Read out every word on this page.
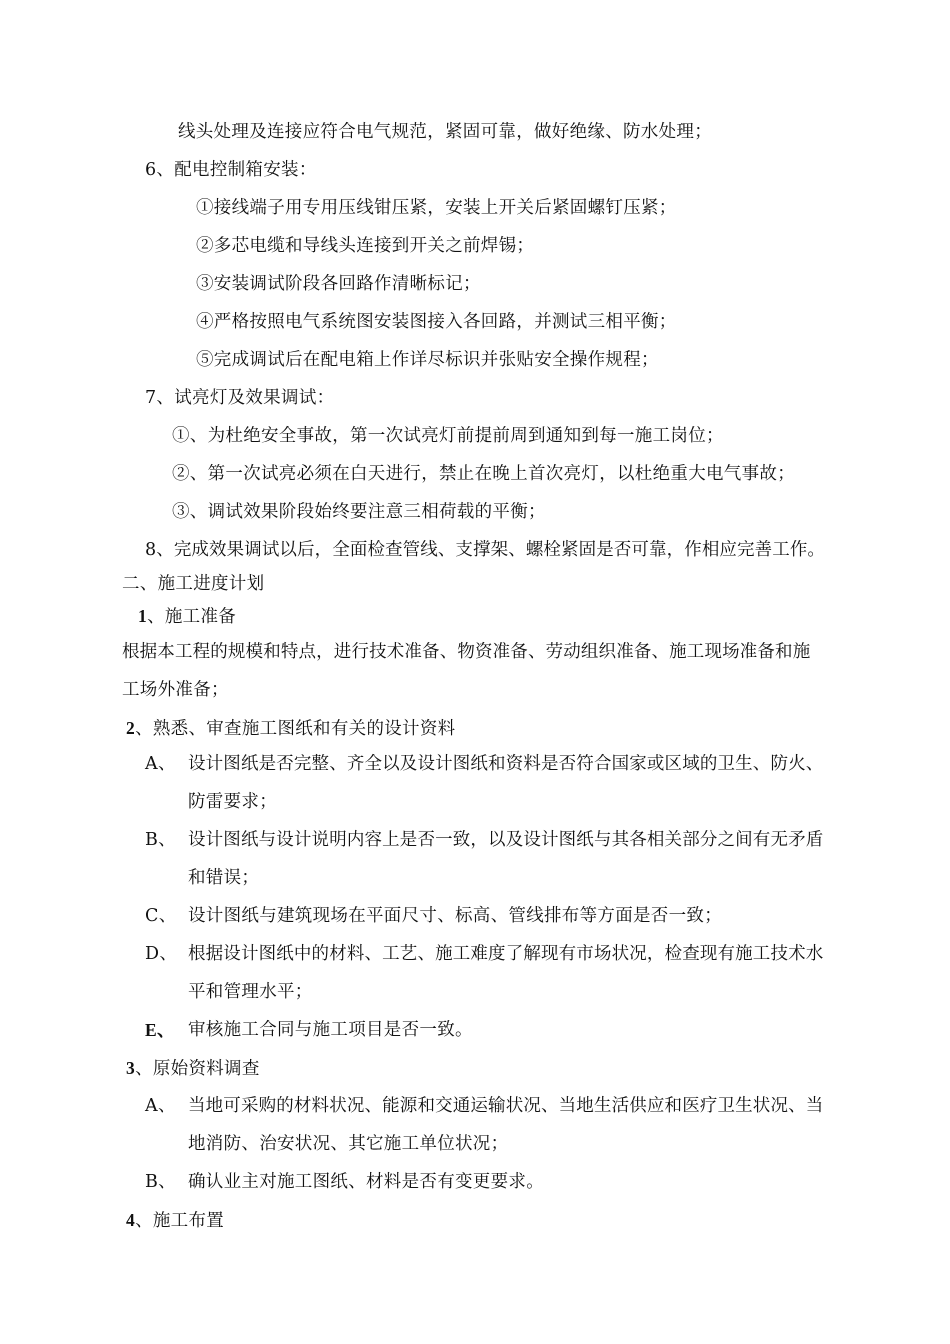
线头处理及连接应符合电气规范，紧固可靠，做好绝缘、防水处理；
6、配电控制箱安装：
①接线端子用专用压线钳压紧，安装上开关后紧固螺钉压紧；
②多芯电缆和导线头连接到开关之前焊锡；
③安装调试阶段各回路作清晰标记；
④严格按照电气系统图安装图接入各回路，并测试三相平衡；
⑤完成调试后在配电箱上作详尽标识并张贴安全操作规程；
7、试亮灯及效果调试：
①、为杜绝安全事故，第一次试亮灯前提前周到通知到每一施工岗位；
②、第一次试亮必须在白天进行，禁止在晚上首次亮灯，以杜绝重大电气事故；
③、调试效果阶段始终要注意三相荷载的平衡；
8、完成效果调试以后，全面检查管线、支撑架、螺栓紧固是否可靠，作相应完善工作。
二、施工进度计划
1、施工准备
根据本工程的规模和特点，进行技术准备、物资准备、劳动组织准备、施工现场准备和施
工场外准备；
2、熟悉、审查施工图纸和有关的设计资料
A、 设计图纸是否完整、齐全以及设计图纸和资料是否符合国家或区域的卫生、防火、
防雷要求；
B、 设计图纸与设计说明内容上是否一致，以及设计图纸与其各相关部分之间有无矛盾
和错误；
C、 设计图纸与建筑现场在平面尺寸、标高、管线排布等方面是否一致；
D、 根据设计图纸中的材料、工艺、施工难度了解现有市场状况，检查现有施工技术水
平和管理水平；
E、 审核施工合同与施工项目是否一致。
3、原始资料调查
A、 当地可采购的材料状况、能源和交通运输状况、当地生活供应和医疗卫生状况、当
地消防、治安状况、其它施工单位状况；
B、 确认业主对施工图纸、材料是否有变更要求。
4、施工布置
